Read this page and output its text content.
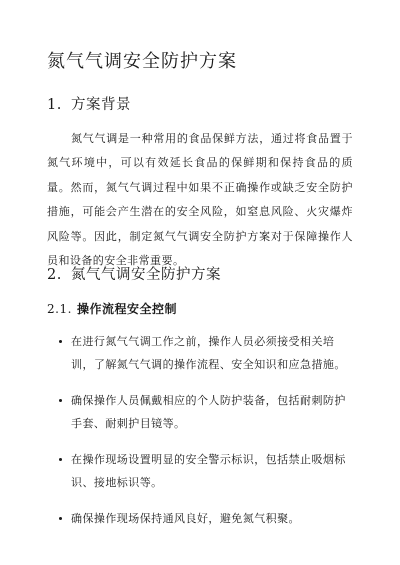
氮气气调安全防护方案
1. 方案背景

氮气气调是一种常用的食品保鲜方法，通过将食品置于氮气环境中，可以有效延长食品的保鲜期和保持食品的质量。然而，氮气气调过程中如果不正确操作或缺乏安全防护措施，可能会产生潜在的安全风险，如窒息风险、火灾爆炸风险等。因此，制定氮气气调安全防护方案对于保障操作人员和设备的安全非常重要。

2. 氮气气调安全防护方案
2.1. 操作流程安全控制
在进行氮气气调工作之前，操作人员必须接受相关培训，了解氮气气调的操作流程、安全知识和应急措施。
确保操作人员佩戴相应的个人防护装备，包括耐刺防护手套、耐刺护目镜等。
在操作现场设置明显的安全警示标识，包括禁止吸烟标识、接地标识等。
确保操作现场保持通风良好，避免氮气积聚。
